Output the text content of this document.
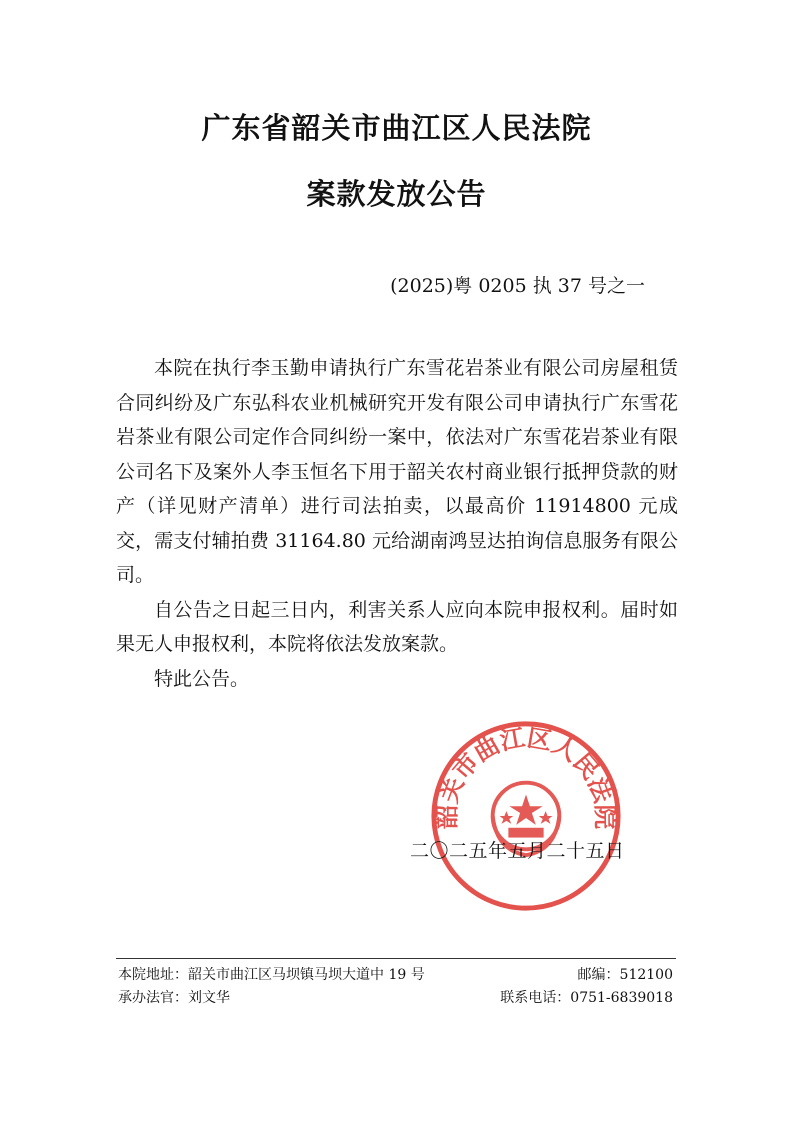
广东省韶关市曲江区人民法院
案款发放公告
(2025)粤 0205 执 37 号之一

本院在执行李玉勤申请执行广东雪花岩茶业有限公司房屋租赁合同纠纷及广东弘科农业机械研究开发有限公司申请执行广东雪花岩茶业有限公司定作合同纠纷一案中，依法对广东雪花岩茶业有限公司名下及案外人李玉恒名下用于韶关农村商业银行抵押贷款的财产（详见财产清单）进行司法拍卖，以最高价 11914800 元成交，需支付辅拍费 31164.80 元给湖南鸿昱达拍询信息服务有限公司。

自公告之日起三日内，利害关系人应向本院申报权利。届时如果无人申报权利，本院将依法发放案款。

特此公告。

韶关市曲江区人民法院
二〇二五年五月二十五日
本院地址：韶关市曲江区马坝镇马坝大道中 19 号	邮编：512100
承办法官：刘文华	联系电话：0751-6839018
